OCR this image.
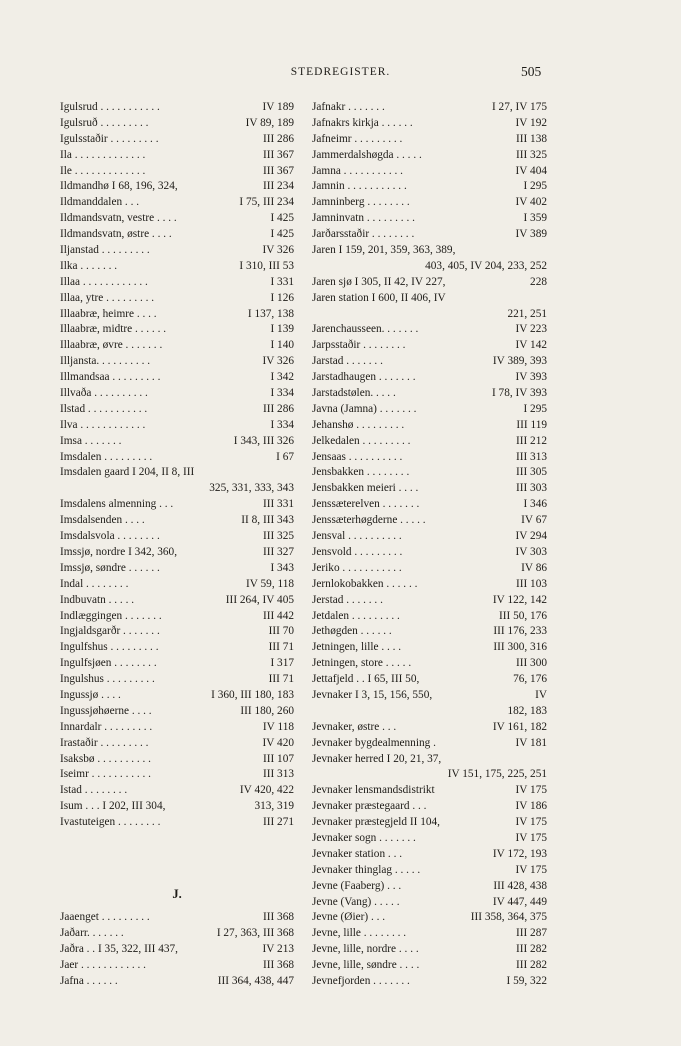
STEDREGISTER.	505
Igulsrud . . . . . . . . . . .	IV 189
Igulsruð . . . . . . . . .	IV 89, 189
Igulsstaðir . . . . . . . . .	III 286
Ila . . . . . . . . . . . . .	III 367
Ile . . . . . . . . . . . . .	III 367
Ildmandhø I 68, 196, 324,	III 234
Ildmanddalen . . .	I 75, III 234
Ildmandsvatn, vestre . . . .	I 425
Ildmandsvatn, østre . . . .	I 425
Iljanstad . . . . . . . . .	IV 326
Ilka . . . . . . .	I 310, III 53
Illaa . . . . . . . . . . . .	I 331
Illaa, ytre . . . . . . . . .	I 126
Illaabræ, heimre . . . .	I 137, 138
Illaabræ, midtre . . . . . .	I 139
Illaabræ, øvre . . . . . . .	I 140
Illjansta. . . . . . . . . .	IV 326
Illmandsaa . . . . . . . . .	I 342
Illvaða . . . . . . . . . .	I 334
Ilstad . . . . . . . . . . .	III 286
Ilva . . . . . . . . . . . .	I 334
Imsa . . . . . . .	I 343, III 326
Imsdalen . . . . . . . . .	I 67
Imsdalen gaard I 204, II 8, III
325, 331, 333, 343
Imsdalens almenning . . .	III 331
Imsdalsenden . . . .	II 8, III 343
Imsdalsvola . . . . . . . .	III 325
Imssjø, nordre I 342, 360,	III 327
Imssjø, søndre . . . . . .	I 343
Indal . . . . . . . .	IV 59, 118
Indbuvatn . . . . .	III 264, IV 405
Indlæggingen . . . . . . .	III 442
Ingjaldsgarðr . . . . . . .	III 70
Ingulfshus . . . . . . . . .	III 71
Ingulfsjøen . . . . . . . .	I 317
Ingulshus . . . . . . . . .	III 71
Ingussjø . . . .	I 360, III 180, 183
Ingussjøhøerne . . . .	III 180, 260
Innardalr . . . . . . . . .	IV 118
Irastaðir . . . . . . . . .	IV 420
Isaksbø . . . . . . . . . .	III 107
Iseimr . . . . . . . . . . .	III 313
Istad . . . . . . . .	IV 420, 422
Isum . . . I 202, III 304,	313, 319
Ivastuteigen . . . . . . . .	III 271
J.
Jaaenget . . . . . . . . .	III 368
Jaðarr. . . . . . .	I 27, 363, III 368
Jaðra . . I 35, 322, III 437,	IV 213
Jaer . . . . . . . . . . . .	III 368
Jafna . . . . . .	III 364, 438, 447
Jafnakr . . . . . . .	I 27, IV 175
Jafnakrs kirkja . . . . . .	IV 192
Jafneimr . . . . . . . . .	III 138
Jammerdalshøgda . . . . .	III 325
Jamna . . . . . . . . . . .	IV 404
Jamnin . . . . . . . . . . .	I 295
Jamninberg . . . . . . . .	IV 402
Jamninvatn . . . . . . . . .	I 359
Jarðarsstaðir . . . . . . . .	IV 389
Jaren I 159, 201, 359, 363, 389,
403, 405, IV 204, 233, 252
Jaren sjø I 305, II 42, IV 227,	228
Jaren station I 600, II 406, IV
221, 251
Jarenchausseen. . . . . . .	IV 223
Jarpsstaðir . . . . . . . .	IV 142
Jarstad . . . . . . .	IV 389, 393
Jarstadhaugen . . . . . . .	IV 393
Jarstadstølen. . . . .	I 78, IV 393
Javna (Jamna) . . . . . . .	I 295
Jehanshø . . . . . . . . .	III 119
Jelkedalen . . . . . . . . .	III 212
Jensaas . . . . . . . . . .	III 313
Jensbakken . . . . . . . .	III 305
Jensbakken meieri . . . .	III 303
Jenssæterelven . . . . . . .	I 346
Jenssæterhøgderne . . . . .	IV 67
Jensval . . . . . . . . . .	IV 294
Jensvold . . . . . . . . .	IV 303
Jeriko . . . . . . . . . . .	IV 86
Jernlokobakken . . . . . .	III 103
Jerstad . . . . . . .	IV 122, 142
Jetdalen . . . . . . . . .	III 50, 176
Jethøgden . . . . . .	III 176, 233
Jetningen, lille . . . .	III 300, 316
Jetningen, store . . . . .	III 300
Jettafjeld . . I 65, III 50,	76, 176
Jevnaker I 3, 15, 156, 550,	IV
182, 183
Jevnaker, østre . . .	IV 161, 182
Jevnaker bygdealmenning .	IV 181
Jevnaker herred I 20, 21, 37,
IV 151, 175, 225, 251
Jevnaker lensmandsdistrikt	IV 175
Jevnaker præstegaard . . .	IV 186
Jevnaker præstegjeld II 104,	IV 175
Jevnaker sogn . . . . . . .	IV 175
Jevnaker station . . .	IV 172, 193
Jevnaker thinglag . . . . .	IV 175
Jevne (Faaberg) . . .	III 428, 438
Jevne (Vang) . . . . .	IV 447, 449
Jevne (Øier) . . .	III 358, 364, 375
Jevne, lille . . . . . . . .	III 287
Jevne, lille, nordre . . . .	III 282
Jevne, lille, søndre . . . .	III 282
Jevnefjorden . . . . . . .	I 59, 322
